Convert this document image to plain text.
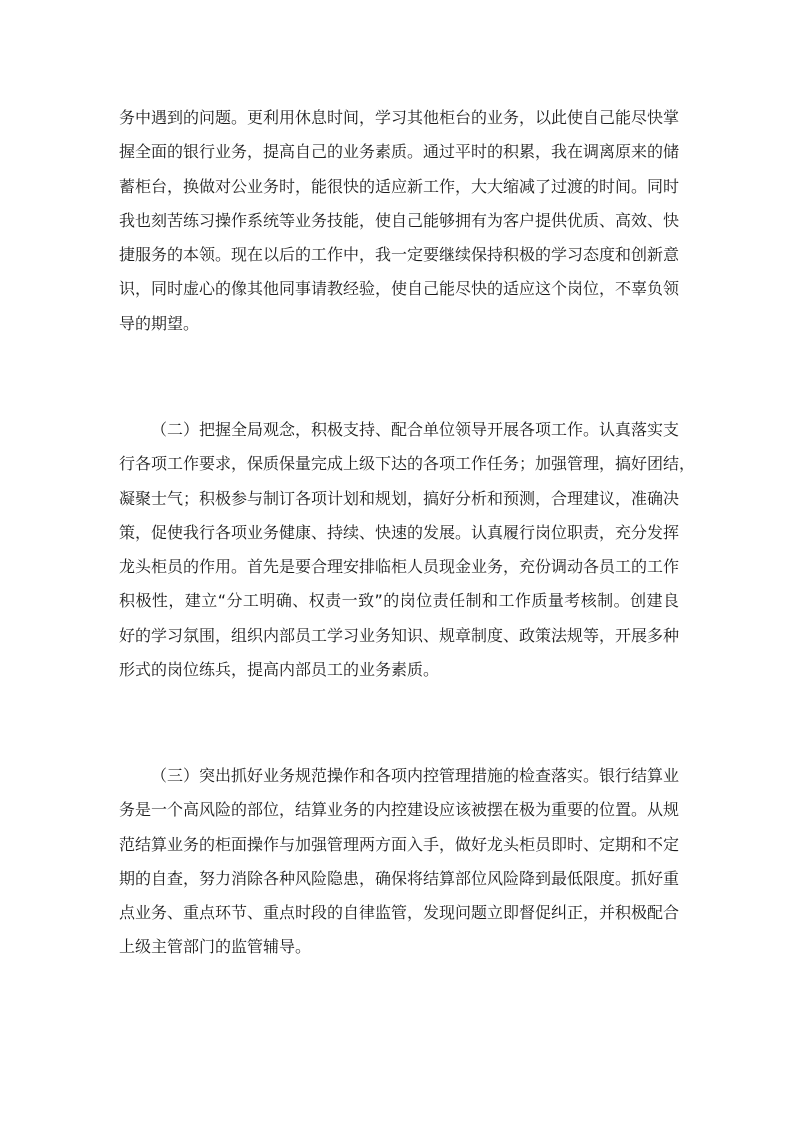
务中遇到的问题。更利用休息时间，学习其他柜台的业务，以此使自己能尽快掌
握全面的银行业务，提高自己的业务素质。通过平时的积累，我在调离原来的储
蓄柜台，换做对公业务时，能很快的适应新工作，大大缩减了过渡的时间。同时
我也刻苦练习操作系统等业务技能，使自己能够拥有为客户提供优质、高效、快
捷服务的本领。现在以后的工作中，我一定要继续保持积极的学习态度和创新意
识，同时虚心的像其他同事请教经验，使自己能尽快的适应这个岗位，不辜负领
导的期望。
（二）把握全局观念，积极支持、配合单位领导开展各项工作。认真落实支
行各项工作要求，保质保量完成上级下达的各项工作任务；加强管理，搞好团结，
凝聚士气；积极参与制订各项计划和规划，搞好分析和预测，合理建议，准确决
策，促使我行各项业务健康、持续、快速的发展。认真履行岗位职责，充分发挥
龙头柜员的作用。首先是要合理安排临柜人员现金业务，充份调动各员工的工作
积极性，建立“分工明确、权责一致”的岗位责任制和工作质量考核制。创建良
好的学习氛围，组织内部员工学习业务知识、规章制度、政策法规等，开展多种
形式的岗位练兵，提高内部员工的业务素质。
（三）突出抓好业务规范操作和各项内控管理措施的检查落实。银行结算业
务是一个高风险的部位，结算业务的内控建设应该被摆在极为重要的位置。从规
范结算业务的柜面操作与加强管理两方面入手，做好龙头柜员即时、定期和不定
期的自查，努力消除各种风险隐患，确保将结算部位风险降到最低限度。抓好重
点业务、重点环节、重点时段的自律监管，发现问题立即督促纠正，并积极配合
上级主管部门的监管辅导。
